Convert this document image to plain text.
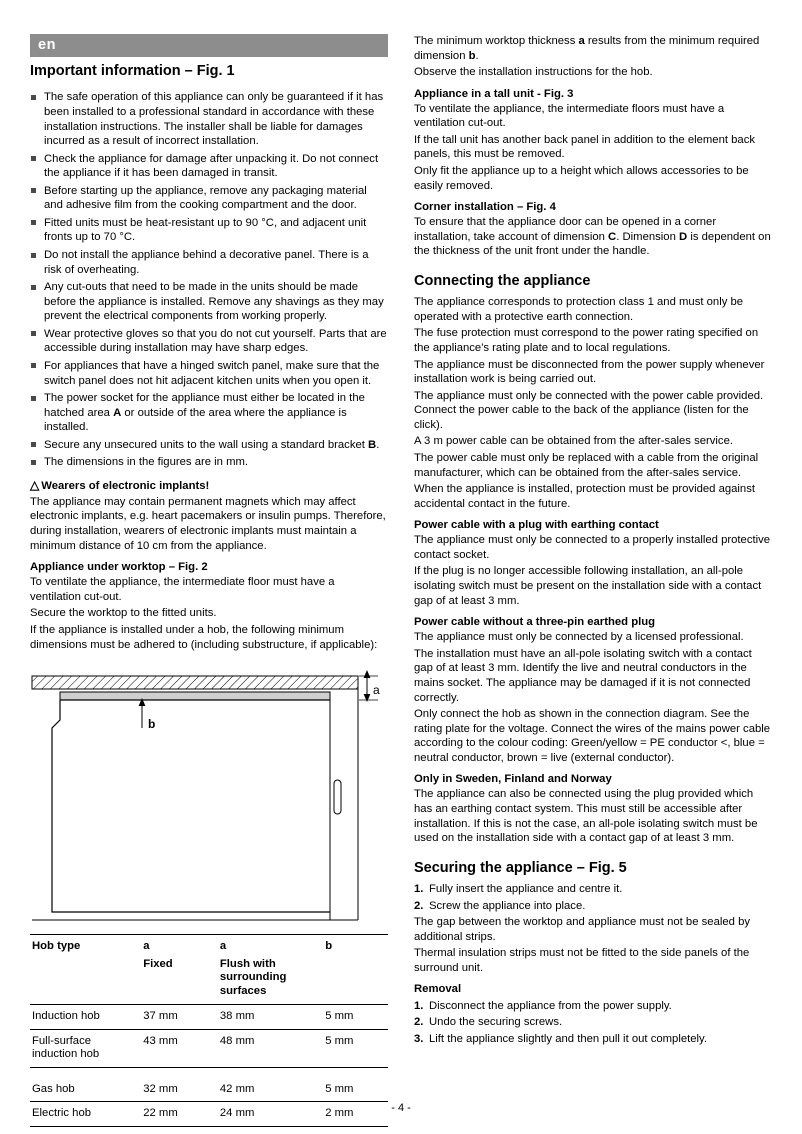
en
Important information – Fig. 1
The safe operation of this appliance can only be guaranteed if it has been installed to a professional standard in accordance with these installation instructions. The installer shall be liable for damages incurred as a result of incorrect installation.
Check the appliance for damage after unpacking it. Do not connect the appliance if it has been damaged in transit.
Before starting up the appliance, remove any packaging material and adhesive film from the cooking compartment and the door.
Fitted units must be heat-resistant up to 90 °C, and adjacent unit fronts up to 70 °C.
Do not install the appliance behind a decorative panel. There is a risk of overheating.
Any cut-outs that need to be made in the units should be made before the appliance is installed. Remove any shavings as they may prevent the electrical components from working properly.
Wear protective gloves so that you do not cut yourself. Parts that are accessible during installation may have sharp edges.
For appliances that have a hinged switch panel, make sure that the switch panel does not hit adjacent kitchen units when you open it.
The power socket for the appliance must either be located in the hatched area A or outside of the area where the appliance is installed.
Secure any unsecured units to the wall using a standard bracket B.
The dimensions in the figures are in mm.
△ Wearers of electronic implants!

The appliance may contain permanent magnets which may affect electronic implants, e.g. heart pacemakers or insulin pumps. Therefore, during installation, wearers of electronic implants must maintain a minimum distance of 10 cm from the appliance.

Appliance under worktop – Fig. 2

To ventilate the appliance, the intermediate floor must have a ventilation cut-out.

Secure the worktop to the fitted units.

If the appliance is installed under a hob, the following minimum dimensions must be adhered to (including substructure, if applicable):

b
a
Hob type	a	a	b
	Fixed	Flush with surrounding surfaces	
Induction hob	37 mm	38 mm	5 mm
Full-surface induction hob	43 mm	48 mm	5 mm

Gas hob	32 mm	42 mm	5 mm
Electric hob	22 mm	24 mm	2 mm

The minimum worktop thickness a results from the minimum required dimension b.

Observe the installation instructions for the hob.

Appliance in a tall unit - Fig. 3

To ventilate the appliance, the intermediate floors must have a ventilation cut-out.

If the tall unit has another back panel in addition to the element back panels, this must be removed.

Only fit the appliance up to a height which allows accessories to be easily removed.

Corner installation – Fig. 4

To ensure that the appliance door can be opened in a corner installation, take account of dimension C. Dimension D is dependent on the thickness of the unit front under the handle.

Connecting the appliance

The appliance corresponds to protection class 1 and must only be operated with a protective earth connection.

The fuse protection must correspond to the power rating specified on the appliance's rating plate and to local regulations.

The appliance must be disconnected from the power supply whenever installation work is being carried out.

The appliance must only be connected with the power cable provided. Connect the power cable to the back of the appliance (listen for the click).

A 3 m power cable can be obtained from the after-sales service.

The power cable must only be replaced with a cable from the original manufacturer, which can be obtained from the after-sales service.

When the appliance is installed, protection must be provided against accidental contact in the future.

Power cable with a plug with earthing contact

The appliance must only be connected to a properly installed protective contact socket.

If the plug is no longer accessible following installation, an all-pole isolating switch must be present on the installation side with a contact gap of at least 3 mm.

Power cable without a three-pin earthed plug

The appliance must only be connected by a licensed professional.

The installation must have an all-pole isolating switch with a contact gap of at least 3 mm. Identify the live and neutral conductors in the mains socket. The appliance may be damaged if it is not connected correctly.

Only connect the hob as shown in the connection diagram. See the rating plate for the voltage. Connect the wires of the mains power cable according to the colour coding: Green/yellow = PE conductor <, blue = neutral conductor, brown = live (external conductor).

Only in Sweden, Finland and Norway

The appliance can also be connected using the plug provided which has an earthing contact system. This must still be accessible after installation. If this is not the case, an all-pole isolating switch must be used on the installation side with a contact gap of at least 3 mm.

Securing the appliance – Fig. 5
Fully insert the appliance and centre it.
Screw the appliance into place.

The gap between the worktop and appliance must not be sealed by additional strips.

Thermal insulation strips must not be fitted to the side panels of the surround unit.

Removal
Disconnect the appliance from the power supply.
Undo the securing screws.
Lift the appliance slightly and then pull it out completely.
- 4 -
